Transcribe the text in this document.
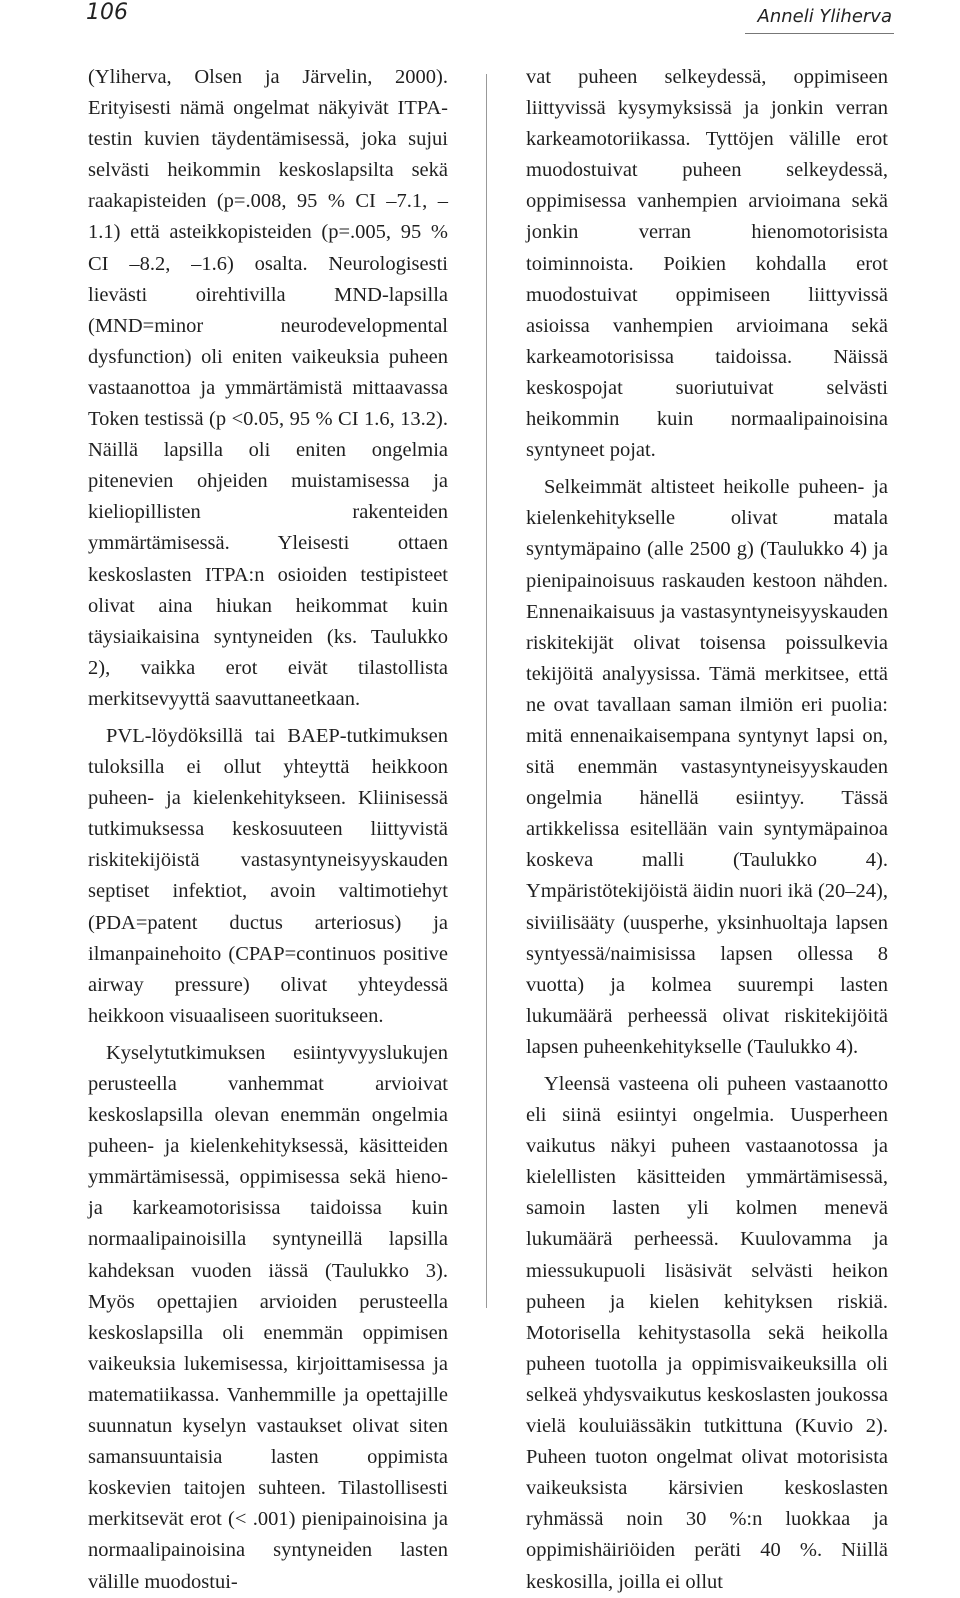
106	Anneli Yliherva

(Yliherva, Olsen ja Järvelin, 2000). Erityisesti nämä ongelmat näkyivät ITPA-testin kuvien täydentämisessä, joka sujui selvästi heikommin keskoslapsilta sekä raakapisteiden (p=.008, 95 % CI –7.1, –1.1) että asteikkopisteiden (p=.005, 95 % CI –8.2, –1.6) osalta. Neurologisesti lievästi oirehtivilla MND-lapsilla (MND=minor neurodevelopmental dysfunction) oli eniten vaikeuksia puheen vastaanottoa ja ymmärtämistä mittaavassa Token testissä (p <0.05, 95 % CI 1.6, 13.2). Näillä lapsilla oli eniten ongelmia pitenevien ohjeiden muistamisessa ja kieliopillisten rakenteiden ymmärtämisessä. Yleisesti ottaen keskoslasten ITPA:n osioiden testipisteet olivat aina hiukan heikommat kuin täysiaikaisina syntyneiden (ks. Taulukko 2), vaikka erot eivät tilastollista merkitsevyyttä saavuttaneetkaan.

PVL-löydöksillä tai BAEP-tutkimuksen tuloksilla ei ollut yhteyttä heikkoon puheen- ja kielenkehitykseen. Kliinisessä tutkimuksessa keskosuuteen liittyvistä riskitekijöistä vastasyntyneisyyskauden septiset infektiot, avoin valtimotiehyt (PDA=patent ductus arteriosus) ja ilmanpainehoito (CPAP=continuos positive airway pressure) olivat yhteydessä heikkoon visuaaliseen suoritukseen.

Kyselytutkimuksen esiintyvyyslukujen perusteella vanhemmat arvioivat keskoslapsilla olevan enemmän ongelmia puheen- ja kielenkehityksessä, käsitteiden ymmärtämisessä, oppimisessa sekä hieno- ja karkeamotorisissa taidoissa kuin normaalipainoisilla syntyneillä lapsilla kahdeksan vuoden iässä (Taulukko 3). Myös opettajien arvioiden perusteella keskoslapsilla oli enemmän oppimisen vaikeuksia lukemisessa, kirjoittamisessa ja matematiikassa. Vanhemmille ja opettajille suunnatun kyselyn vastaukset olivat siten samansuuntaisia lasten oppimista koskevien taitojen suhteen. Tilastollisesti merkitsevät erot (< .001) pienipainoisina ja normaalipainoisina syntyneiden lasten välille muodostui-

vat puheen selkeydessä, oppimiseen liittyvissä kysymyksissä ja jonkin verran karkeamotoriikassa. Tyttöjen välille erot muodostuivat puheen selkeydessä, oppimisessa vanhempien arvioimana sekä jonkin verran hienomotorisista toiminnoista. Poikien kohdalla erot muodostuivat oppimiseen liittyvissä asioissa vanhempien arvioimana sekä karkeamotorisissa taidoissa. Näissä keskospojat suoriutuivat selvästi heikommin kuin normaalipainoisina syntyneet pojat.

Selkeimmät altisteet heikolle puheen- ja kielenkehitykselle olivat matala syntymäpaino (alle 2500 g) (Taulukko 4) ja pienipainoisuus raskauden kestoon nähden. Ennenaikaisuus ja vastasyntyneisyyskauden riskitekijät olivat toisensa poissulkevia tekijöitä analyysissa. Tämä merkitsee, että ne ovat tavallaan saman ilmiön eri puolia: mitä ennenaikaisempana syntynyt lapsi on, sitä enemmän vastasyntyneisyyskauden ongelmia hänellä esiintyy. Tässä artikkelissa esitellään vain syntymäpainoa koskeva malli (Taulukko 4). Ympäristötekijöistä äidin nuori ikä (20–24), siviilisääty (uusperhe, yksinhuoltaja lapsen syntyessä/naimisissa lapsen ollessa 8 vuotta) ja kolmea suurempi lasten lukumäärä perheessä olivat riskitekijöitä lapsen puheenkehitykselle (Taulukko 4).

Yleensä vasteena oli puheen vastaanotto eli siinä esiintyi ongelmia. Uusperheen vaikutus näkyi puheen vastaanotossa ja kielellisten käsitteiden ymmärtämisessä, samoin lasten yli kolmen menevä lukumäärä perheessä. Kuulovamma ja miessukupuoli lisäsivät selvästi heikon puheen ja kielen kehityksen riskiä. Motorisella kehitystasolla sekä heikolla puheen tuotolla ja oppimisvaikeuksilla oli selkeä yhdysvaikutus keskoslasten joukossa vielä kouluiässäkin tutkittuna (Kuvio 2). Puheen tuoton ongelmat olivat motorisista vaikeuksista kärsivien keskoslasten ryhmässä noin 30 %:n luokkaa ja oppimishäiriöiden peräti 40 %. Niillä keskosilla, joilla ei ollut
